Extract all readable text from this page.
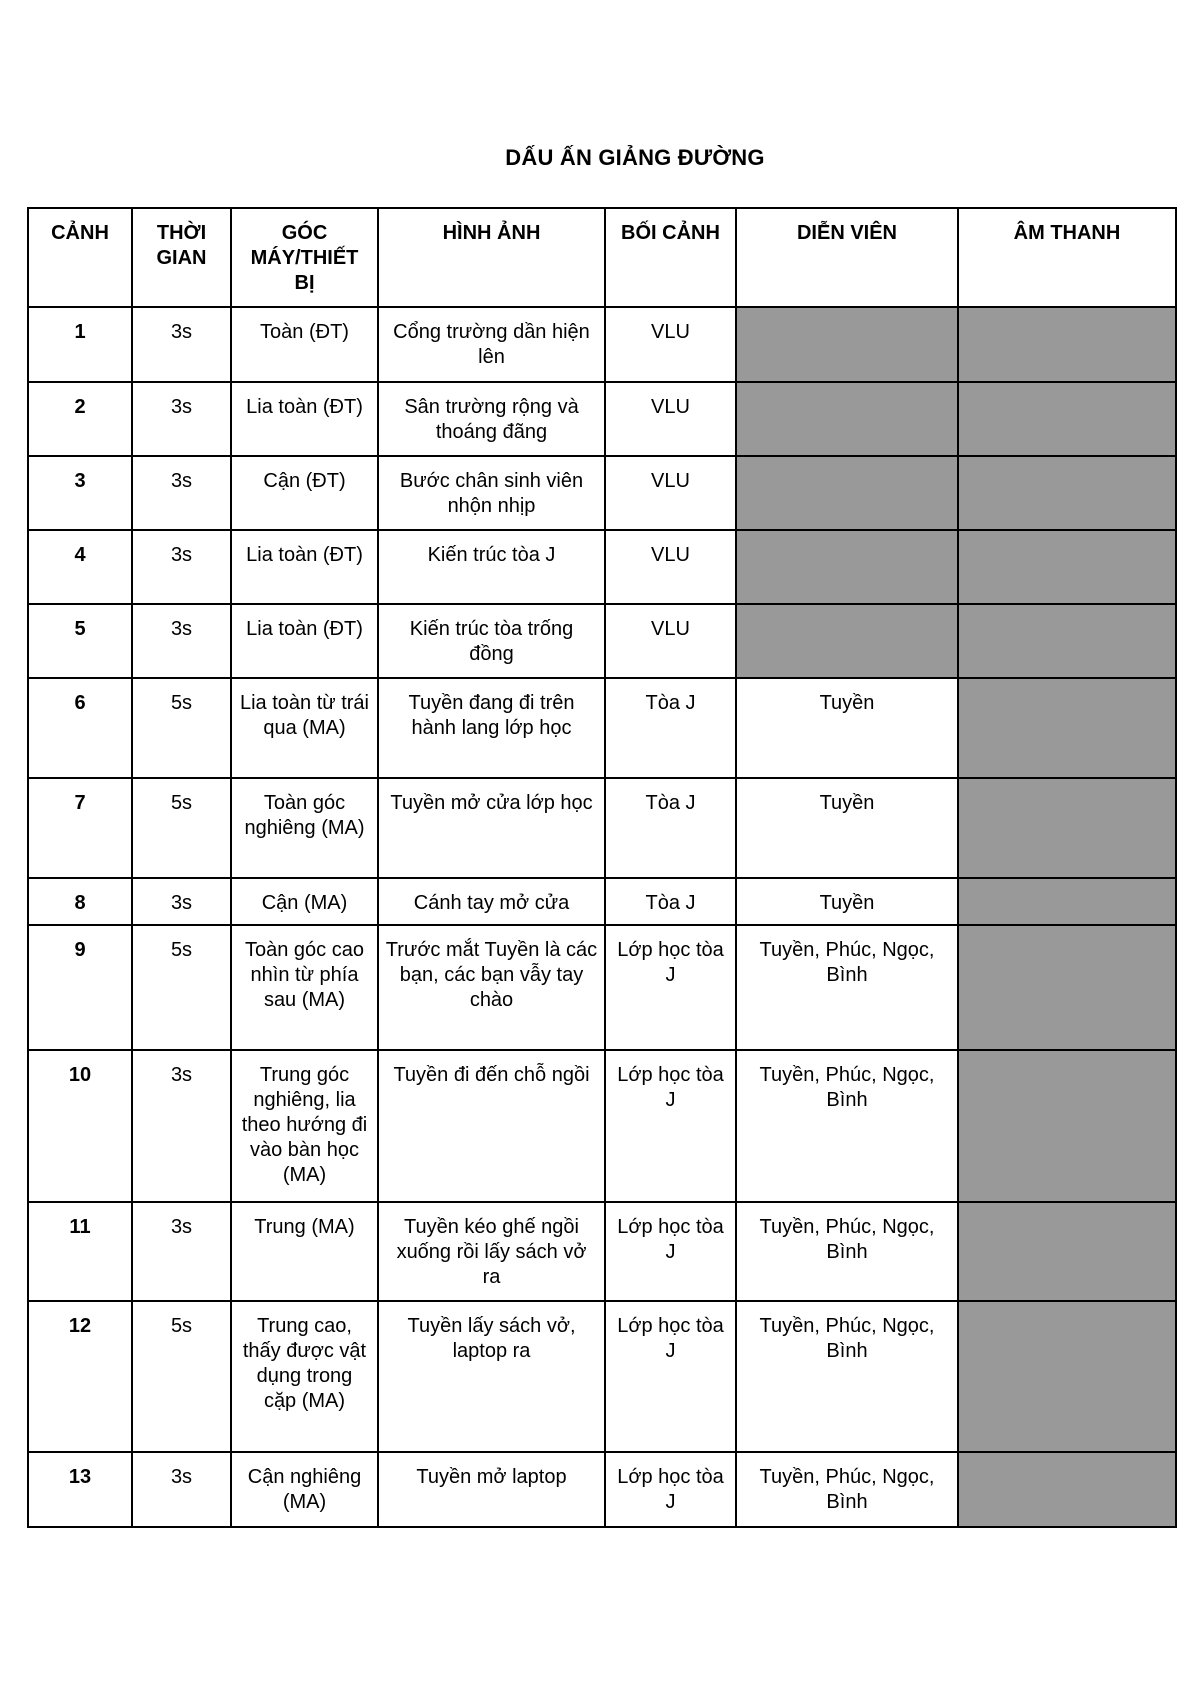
DẤU ẤN GIẢNG ĐƯỜNG
CẢNH	THỜI GIAN	GÓC MÁY/THIẾT BỊ	HÌNH ẢNH	BỐI CẢNH	DIỄN VIÊN	ÂM THANH
1	3s	Toàn (ĐT)	Cổng trường dần hiện lên	VLU		
2	3s	Lia toàn (ĐT)	Sân trường rộng và thoáng đãng	VLU		
3	3s	Cận (ĐT)	Bước chân sinh viên nhộn nhịp	VLU		
4	3s	Lia toàn (ĐT)	Kiến trúc tòa J	VLU		
5	3s	Lia toàn (ĐT)	Kiến trúc tòa trống đồng	VLU		
6	5s	Lia toàn từ trái qua (MA)	Tuyền đang đi trên hành lang lớp học	Tòa J	Tuyền	
7	5s	Toàn góc nghiêng (MA)	Tuyền mở cửa lớp học	Tòa J	Tuyền	
8	3s	Cận (MA)	Cánh tay mở cửa	Tòa J	Tuyền	
9	5s	Toàn góc cao nhìn từ phía sau (MA)	Trước mắt Tuyền là các bạn, các bạn vẫy tay chào	Lớp học tòa J	Tuyền, Phúc, Ngọc, Bình	
10	3s	Trung góc nghiêng, lia theo hướng đi vào bàn học (MA)	Tuyền đi đến chỗ ngồi	Lớp học tòa J	Tuyền, Phúc, Ngọc, Bình	
11	3s	Trung (MA)	Tuyền kéo ghế ngồi xuống rồi lấy sách vở ra	Lớp học tòa J	Tuyền, Phúc, Ngọc, Bình	
12	5s	Trung cao, thấy được vật dụng trong cặp (MA)	Tuyền lấy sách vở, laptop ra	Lớp học tòa J	Tuyền, Phúc, Ngọc, Bình	
13	3s	Cận nghiêng (MA)	Tuyền mở laptop	Lớp học tòa J	Tuyền, Phúc, Ngọc, Bình	
